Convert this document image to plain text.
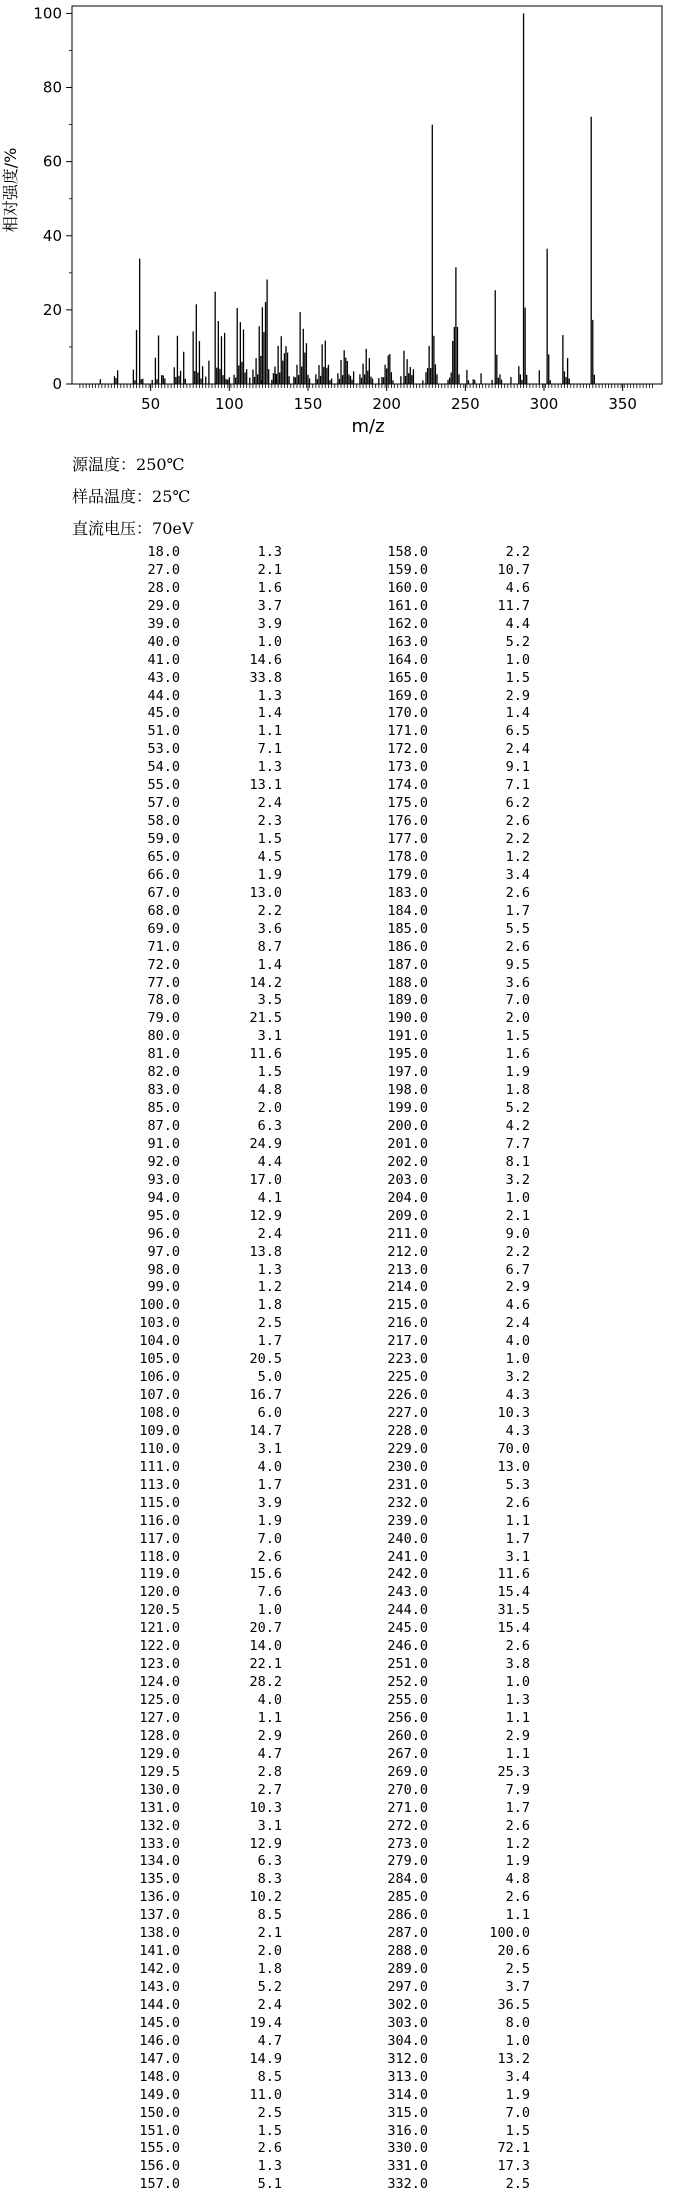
50	100	150	200	250	300	350
0
20
40
60
80
100
m/z
相对强度/%
源温度：250℃
样品温度：25℃
直流电压：70eV
18.0	1.3
27.0	2.1
28.0	1.6
29.0	3.7
39.0	3.9
40.0	1.0
41.0	14.6
43.0	33.8
44.0	1.3
45.0	1.4
51.0	1.1
53.0	7.1
54.0	1.3
55.0	13.1
57.0	2.4
58.0	2.3
59.0	1.5
65.0	4.5
66.0	1.9
67.0	13.0
68.0	2.2
69.0	3.6
71.0	8.7
72.0	1.4
77.0	14.2
78.0	3.5
79.0	21.5
80.0	3.1
81.0	11.6
82.0	1.5
83.0	4.8
85.0	2.0
87.0	6.3
91.0	24.9
92.0	4.4
93.0	17.0
94.0	4.1
95.0	12.9
96.0	2.4
97.0	13.8
98.0	1.3
99.0	1.2
100.0	1.8
103.0	2.5
104.0	1.7
105.0	20.5
106.0	5.0
107.0	16.7
108.0	6.0
109.0	14.7
110.0	3.1
111.0	4.0
113.0	1.7
115.0	3.9
116.0	1.9
117.0	7.0
118.0	2.6
119.0	15.6
120.0	7.6
120.5	1.0
121.0	20.7
122.0	14.0
123.0	22.1
124.0	28.2
125.0	4.0
127.0	1.1
128.0	2.9
129.0	4.7
129.5	2.8
130.0	2.7
131.0	10.3
132.0	3.1
133.0	12.9
134.0	6.3
135.0	8.3
136.0	10.2
137.0	8.5
138.0	2.1
141.0	2.0
142.0	1.8
143.0	5.2
144.0	2.4
145.0	19.4
146.0	4.7
147.0	14.9
148.0	8.5
149.0	11.0
150.0	2.5
151.0	1.5
155.0	2.6
156.0	1.3
157.0	5.1
158.0	2.2
159.0	10.7
160.0	4.6
161.0	11.7
162.0	4.4
163.0	5.2
164.0	1.0
165.0	1.5
169.0	2.9
170.0	1.4
171.0	6.5
172.0	2.4
173.0	9.1
174.0	7.1
175.0	6.2
176.0	2.6
177.0	2.2
178.0	1.2
179.0	3.4
183.0	2.6
184.0	1.7
185.0	5.5
186.0	2.6
187.0	9.5
188.0	3.6
189.0	7.0
190.0	2.0
191.0	1.5
195.0	1.6
197.0	1.9
198.0	1.8
199.0	5.2
200.0	4.2
201.0	7.7
202.0	8.1
203.0	3.2
204.0	1.0
209.0	2.1
211.0	9.0
212.0	2.2
213.0	6.7
214.0	2.9
215.0	4.6
216.0	2.4
217.0	4.0
223.0	1.0
225.0	3.2
226.0	4.3
227.0	10.3
228.0	4.3
229.0	70.0
230.0	13.0
231.0	5.3
232.0	2.6
239.0	1.1
240.0	1.7
241.0	3.1
242.0	11.6
243.0	15.4
244.0	31.5
245.0	15.4
246.0	2.6
251.0	3.8
252.0	1.0
255.0	1.3
256.0	1.1
260.0	2.9
267.0	1.1
269.0	25.3
270.0	7.9
271.0	1.7
272.0	2.6
273.0	1.2
279.0	1.9
284.0	4.8
285.0	2.6
286.0	1.1
287.0	100.0
288.0	20.6
289.0	2.5
297.0	3.7
302.0	36.5
303.0	8.0
304.0	1.0
312.0	13.2
313.0	3.4
314.0	1.9
315.0	7.0
316.0	1.5
330.0	72.1
331.0	17.3
332.0	2.5
